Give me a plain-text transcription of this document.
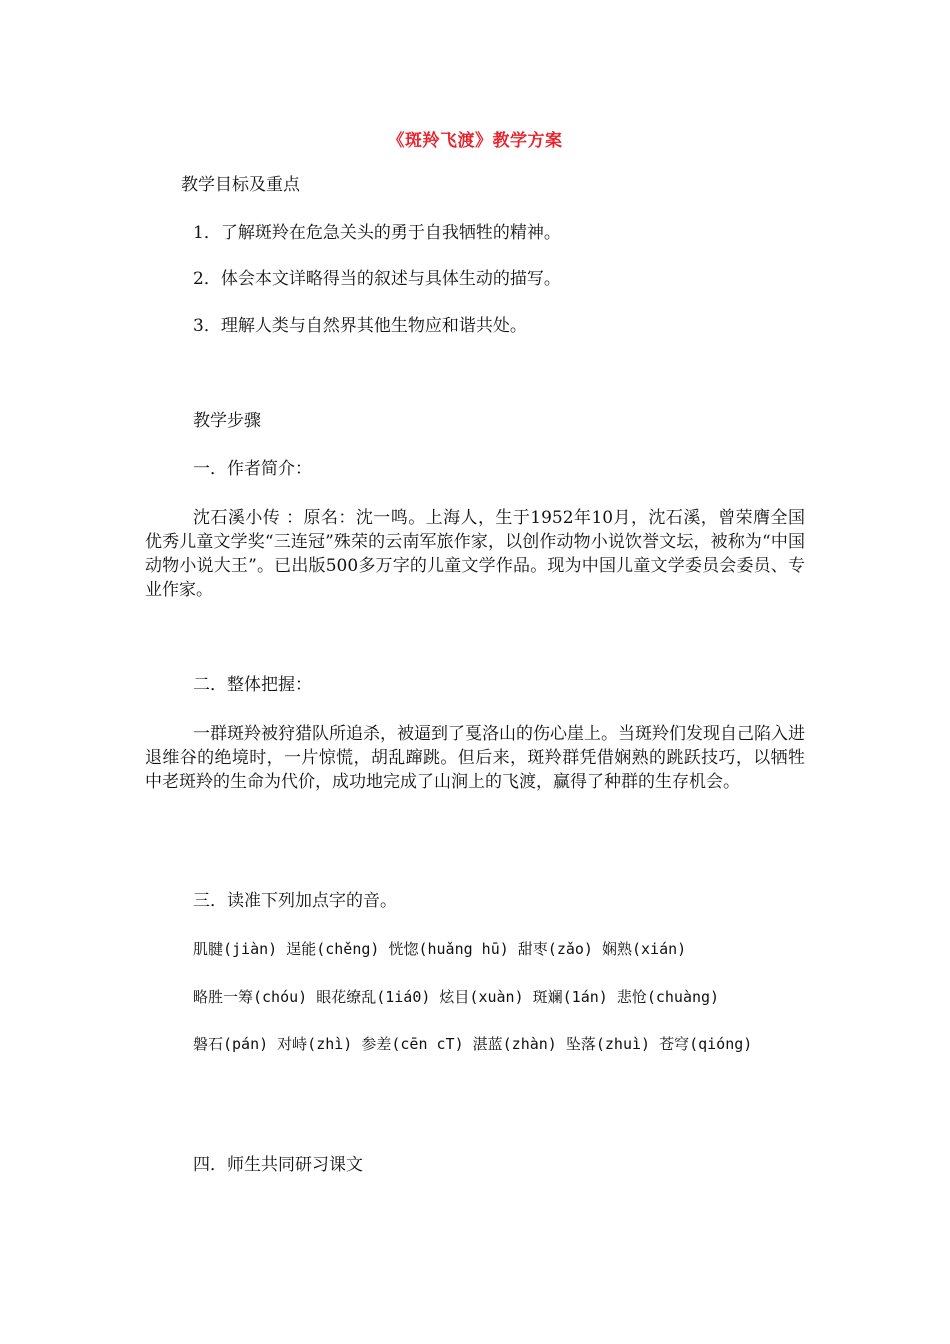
《斑羚飞渡》教学方案
教学目标及重点
1．了解斑羚在危急关头的勇于自我牺牲的精神。
2．体会本文详略得当的叙述与具体生动的描写。
3．理解人类与自然界其他生物应和谐共处。
教学步骤
一．作者简介：
沈石溪小传 ：原名：沈一鸣。上海人，生于1952年10月，沈石溪，曾荣膺全国优秀儿童文学奖“三连冠”殊荣的云南军旅作家，以创作动物小说饮誉文坛，被称为“中国动物小说大王”。已出版500多万字的儿童文学作品。现为中国儿童文学委员会委员、专业作家。
二．整体把握：
一群斑羚被狩猎队所追杀，被逼到了戛洛山的伤心崖上。当斑羚们发现自己陷入进退维谷的绝境时，一片惊慌，胡乱蹿跳。但后来，斑羚群凭借娴熟的跳跃技巧，以牺牲中老斑羚的生命为代价，成功地完成了山涧上的飞渡，赢得了种群的生存机会。
三．读准下列加点字的音。
肌腱(jiàn) 逞能(chěng) 恍惚(huǎng hū) 甜枣(zǎo) 娴熟(xián)
略胜一筹(chóu) 眼花缭乱(1iá0) 炫目(xuàn) 斑斓(1án) 悲怆(chuàng)
磐石(pán) 对峙(zhì) 参差(cēn cT) 湛蓝(zhàn) 坠落(zhuì) 苍穹(qióng)
四．师生共同研习课文
